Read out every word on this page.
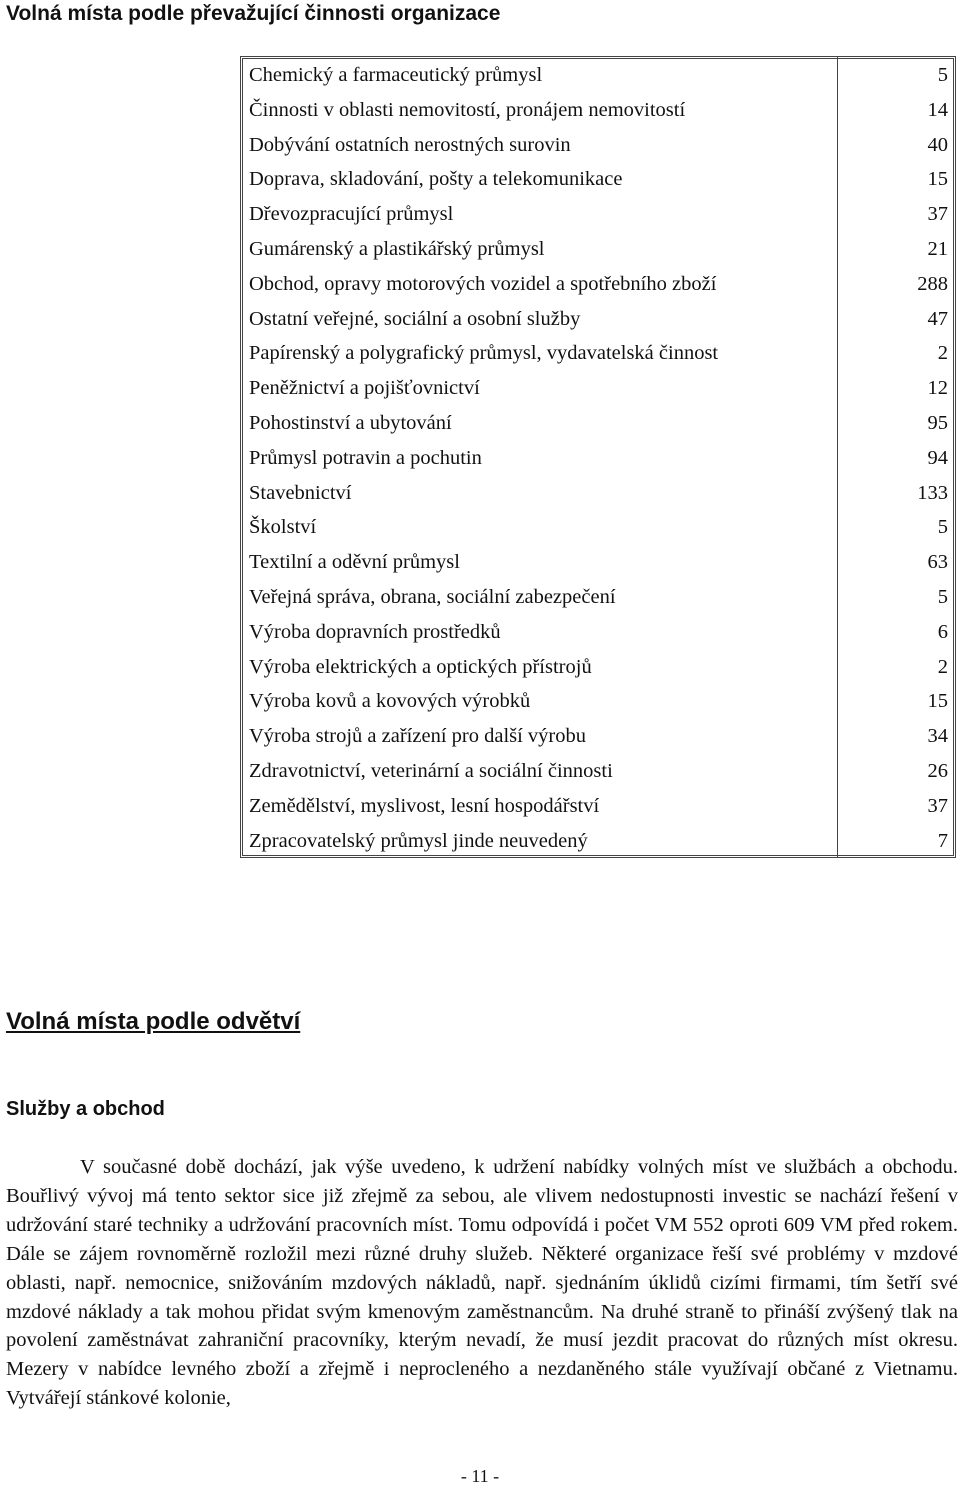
Volná místa podle převažující činnosti organizace
Chemický a farmaceutický průmysl	5
Činnosti v oblasti nemovitostí, pronájem nemovitostí	14
Dobývání ostatních nerostných surovin	40
Doprava, skladování, pošty a telekomunikace	15
Dřevozpracující průmysl	37
Gumárenský a plastikářský průmysl	21
Obchod, opravy motorových vozidel a spotřebního zboží	288
Ostatní veřejné, sociální a osobní služby	47
Papírenský a polygrafický průmysl, vydavatelská činnost	2
Peněžnictví a pojišťovnictví	12
Pohostinství a ubytování	95
Průmysl potravin a pochutin	94
Stavebnictví	133
Školství	5
Textilní a oděvní průmysl	63
Veřejná správa, obrana, sociální zabezpečení	5
Výroba dopravních prostředků	6
Výroba elektrických a optických přístrojů	2
Výroba kovů a kovových výrobků	15
Výroba strojů a zařízení pro další výrobu	34
Zdravotnictví, veterinární a sociální činnosti	26
Zemědělství, myslivost, lesní hospodářství	37
Zpracovatelský průmysl jinde neuvedený	7
Volná místa podle odvětví
Služby a obchod

V současné době dochází, jak výše uvedeno, k udržení nabídky volných míst ve službách a obchodu. Bouřlivý vývoj má tento sektor sice již zřejmě za sebou, ale vlivem nedostupnosti investic se nachází řešení v udržování staré techniky a udržování pracovních míst. Tomu odpovídá i počet VM 552 oproti 609 VM před rokem. Dále se zájem rovnoměrně rozložil mezi různé druhy služeb. Některé organizace řeší své problémy v mzdové oblasti, např. nemocnice, snižováním mzdových nákladů, např. sjednáním úklidů cizími firmami, tím šetří své mzdové náklady a tak mohou přidat svým kmenovým zaměstnancům. Na druhé straně to přináší zvýšený tlak na povolení zaměstnávat zahraniční pracovníky, kterým nevadí, že musí jezdit pracovat do různých míst okresu. Mezery v nabídce levného zboží a zřejmě i neprocleného a nezdaněného stále využívají občané z Vietnamu. Vytvářejí stánkové kolonie,

- 11 -
